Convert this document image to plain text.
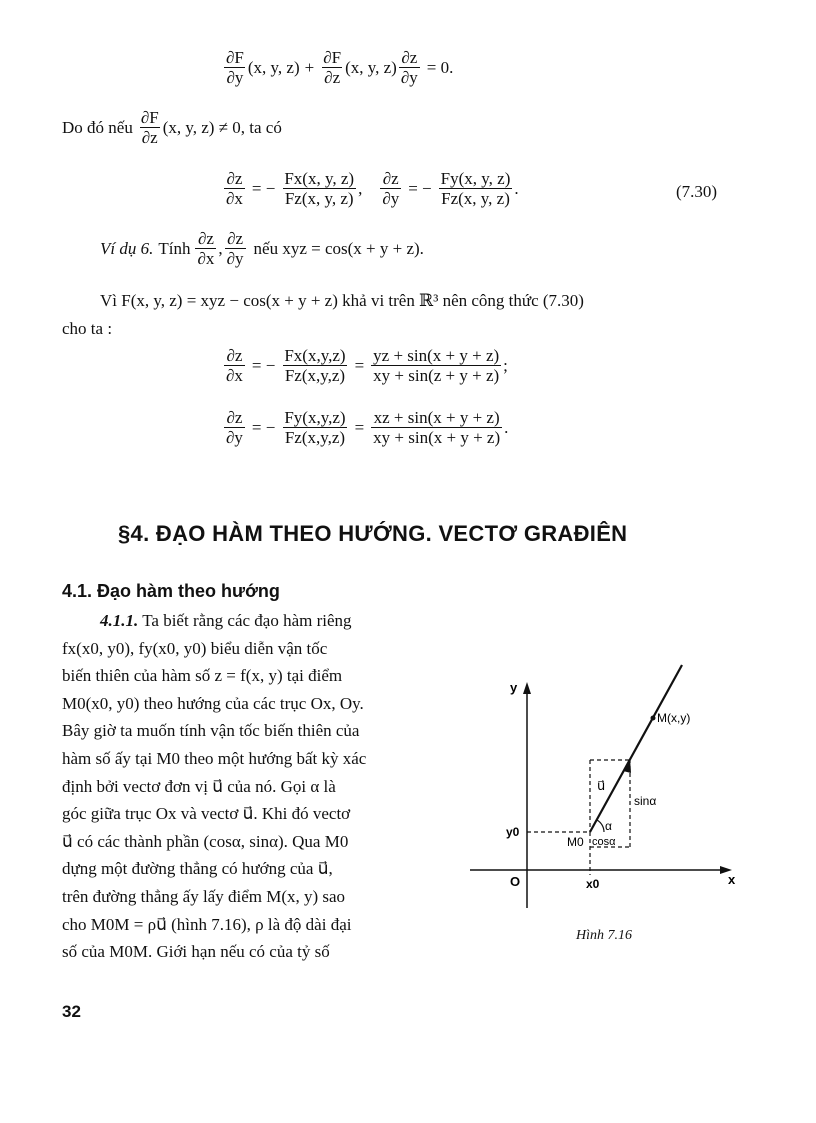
$\frac{\partial F}{\partial y} (x$, y, $z) + \frac{\partial F}{\partial z} (x$, y, $z) \frac{\partial z}{\partial y} = 0$.
Do đó nếu $\frac{\partial F}{\partial z} (x$, y, z) ≠ 0, ta có
$\frac{\partial z}{\partial x}$ = − $\frac{Fx(x, y, z)}{Fz(x, y, z)}$ , $\frac{\partial z}{\partial y}$ = − $\frac{Fy(x, y, z)}{Fz(x, y, z)}$ .	(7.30)
Ví dụ 6. Tính $\frac{\partial z}{\partial x}$ , $\frac{\partial z}{\partial y}$ nếu xyz = cos(x + y + z).
Vì F(x, y, z) = xyz − cos(x + y + z) khả vi trên ℝ³ nên công thức (7.30)
cho ta :
$\frac{\partial z}{\partial x}$ = − $\frac{Fx(x,y,z)}{Fz(x,y,z)} = \frac{yz + \sin(x + y + z)}{xy + \sin(z + y + z)}$ ;
$\frac{\partial z}{\partial y}$ = − $\frac{Fy(x,y,z)}{Fz(x,y,z)} = \frac{xz + \sin(x + y + z)}{xy + \sin(x + y + z)}$ .
§4. ĐẠO HÀM THEO HƯỚNG. VECTƠ GRAĐIÊN
4.1. Đạo hàm theo hướng
4.1.1. Ta biết rằng các đạo hàm riêng
fx(x0, y0), fy(x0, y0) biểu diễn vận tốc
biến thiên của hàm số z = f(x, y) tại điểm
M0(x0, y0) theo hướng của các trục Ox, Oy.
Bây giờ ta muốn tính vận tốc biến thiên của
hàm số ấy tại M0 theo một hướng bất kỳ xác
định bởi vectơ đơn vị u⃗ của nó. Gọi α là
góc giữa trục Ox và vectơ u⃗. Khi đó vectơ
u⃗ có các thành phần (cosα, sinα). Qua M0
dựng một đường thẳng có hướng của u⃗,
trên đường thẳng ấy lấy điểm M(x, y) sao
cho M0M = ρu⃗ (hình 7.16), ρ là độ dài đại
số của M0M. Giới hạn nếu có của tỷ số
y
x
O
M(x,y)
M0
y0
x0
u⃗
α
sinα
cosα
Hình 7.16
32
